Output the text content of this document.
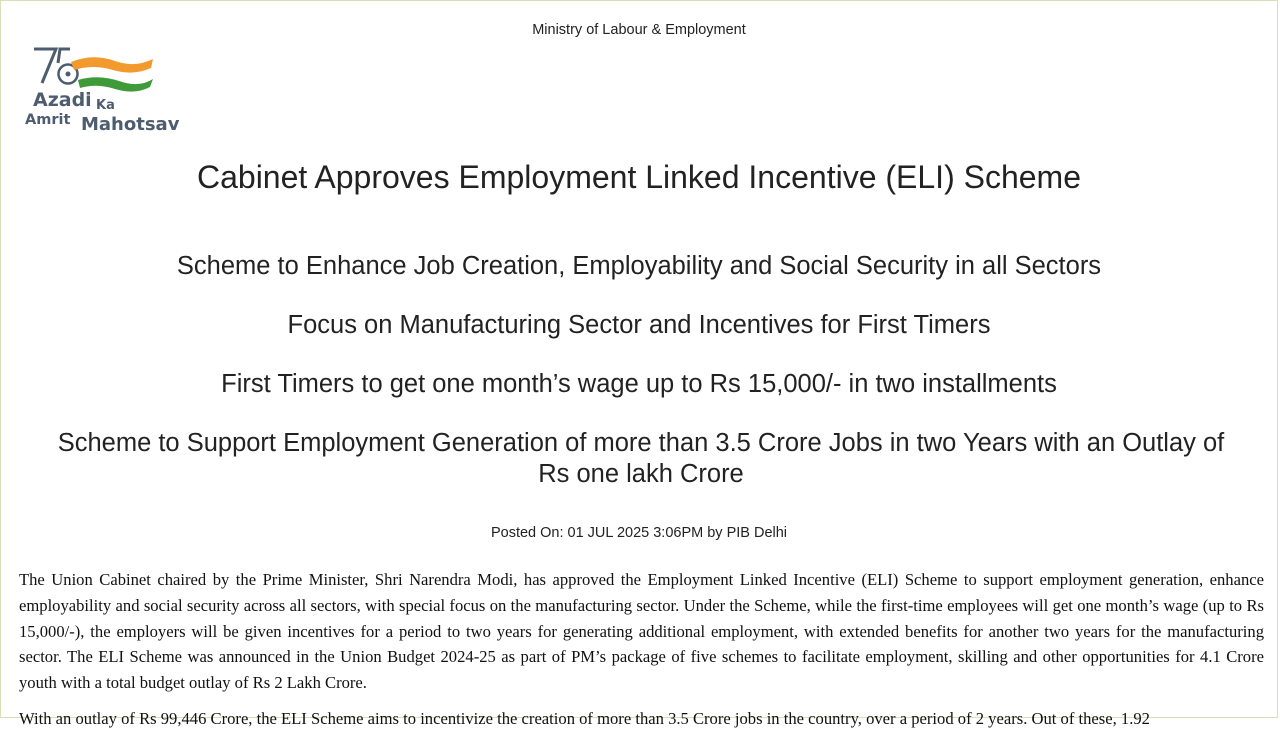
Ministry of Labour & Employment
Azadi Ka
Amrit Mahotsav
Cabinet Approves Employment Linked Incentive (ELI) Scheme
Scheme to Enhance Job Creation, Employability and Social Security in all Sectors
Focus on Manufacturing Sector and Incentives for First Timers
First Timers to get one month’s wage up to Rs 15,000/- in two installments
Scheme to Support Employment Generation of more than 3.5 Crore Jobs in two Years with an Outlay of Rs one lakh Crore
Posted On: 01 JUL 2025 3:06PM by PIB Delhi

The Union Cabinet chaired by the Prime Minister, Shri Narendra Modi, has approved the Employment Linked Incentive (ELI) Scheme to support employment generation, enhance employability and social security across all sectors, with special focus on the manufacturing sector. Under the Scheme, while the first-time employees will get one month’s wage (up to Rs 15,000/-), the employers will be given incentives for a period to two years for generating additional employment, with extended benefits for another two years for the manufacturing sector. The ELI Scheme was announced in the Union Budget 2024-25 as part of PM’s package of five schemes to facilitate employment, skilling and other opportunities for 4.1 Crore youth with a total budget outlay of Rs 2 Lakh Crore.

With an outlay of Rs 99,446 Crore, the ELI Scheme aims to incentivize the creation of more than 3.5 Crore jobs in the country, over a period of 2 years. Out of these, 1.92
